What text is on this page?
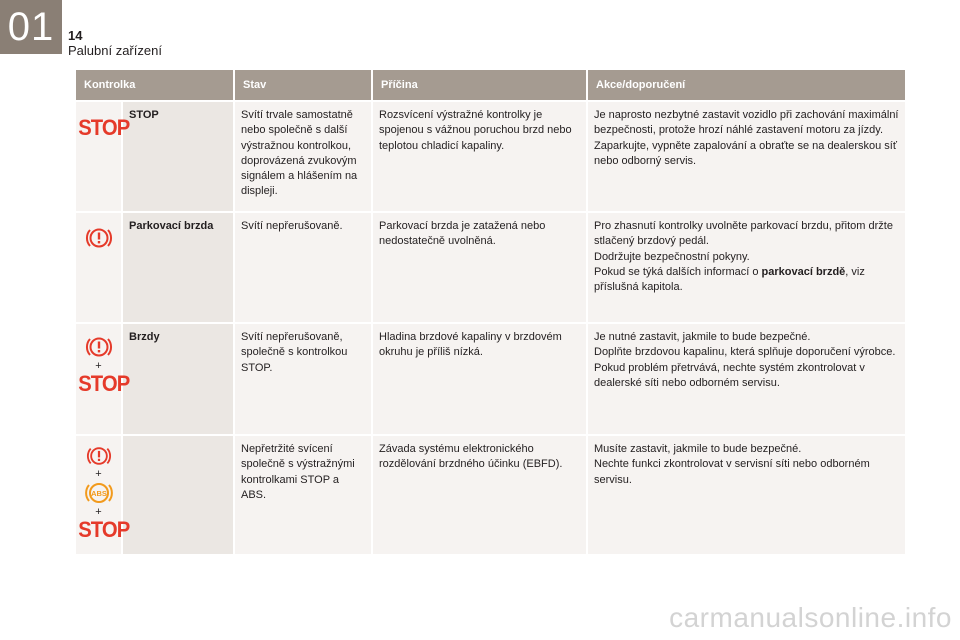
01	14
Palubní zařízení
Kontrolka		Stav	Příčina	Akce/doporučení
STOP	STOP	Svítí trvale samostatně nebo společně s další výstražnou kontrolkou, doprovázená zvukovým signálem a hlášením na displeji.	Rozsvícení výstražné kontrolky je spojenou s vážnou poruchou brzd nebo teplotou chladicí kapaliny.	Je naprosto nezbytné zastavit vozidlo při zachování maximální bezpečnosti, protože hrozí náhlé zastavení motoru za jízdy.
Zaparkujte, vypněte zapalování a obraťte se na dealerskou síť nebo odborný servis.

	Parkovací brzda	Svítí nepřerušovaně.	Parkovací brzda je zatažená nebo nedostatečně uvolněná.	Pro zhasnutí kontrolky uvolněte parkovací brzdu, přitom držte stlačený brzdový pedál.
Dodržujte bezpečnostní pokyny.
Pokud se týká dalších informací o parkovací brzdě, viz příslušná kapitola.

+
STOP	Brzdy	Svítí nepřerušovaně, společně s kontrolkou STOP.	Hladina brzdové kapaliny v brzdovém okruhu je příliš nízká.	Je nutné zastavit, jakmile to bude bezpečné.
Doplňte brzdovou kapalinu, která splňuje doporučení výrobce.
Pokud problém přetrvává, nechte systém zkontrolovat v dealerské síti nebo odborném servisu.

+
ABS
+
STOP		Nepřetržité svícení společně s výstražnými kontrolkami STOP a ABS.	Závada systému elektronického rozdělování brzdného účinku (EBFD).	Musíte zastavit, jakmile to bude bezpečné.
Nechte funkci zkontrolovat v servisní síti nebo odborném servisu.
carmanualsonline.info
